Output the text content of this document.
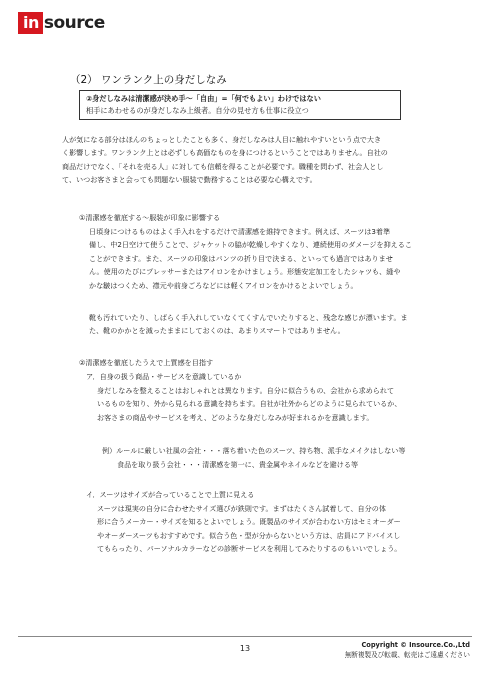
in source
（2） ワンランク上の身だしなみ
②身だしなみは清潔感が決め手～「自由」=「何でもよい」わけではない
相手にあわせるのが身だしなみ上級者。自分の見せ方も仕事に役立つ
人が気になる部分はほんのちょっとしたことも多く、身だしなみは人目に触れやすいという点で大き
く影響します。ワンランク上とは必ずしも高価なものを身につけるということではありません。自社の
商品だけでなく、「それを売る人」に対しても信頼を得ることが必要です。職種を問わず、社会人とし
て、いつお客さまと会っても問題ない服装で勤務することは必要な心構えです。
①清潔感を徹底する～服装が印象に影響する
日頃身につけるものはよく手入れをするだけで清潔感を維持できます。例えば、スーツは3着準
備し、中2日空けて使うことで、ジャケットの脇が乾燥しやすくなり、連続使用のダメージを抑えるこ
ことができます。また、スーツの印象はパンツの折り目で決まる、といっても過言ではありませ
ん。使用のたびにプレッサーまたはアイロンをかけましょう。形態安定加工をしたシャツも、縫や
かな皺はつくため、襟元や前身ごろなどには軽くアイロンをかけるとよいでしょう。
靴も汚れていたり、しばらく手入れしていなくてくすんでいたりすると、残念な感じが漂います。ま
た、靴のかかとを減ったままにしておくのは、あまりスマートではありません。
②清潔感を徹底したうえで上質感を目指す
ア．自身の扱う商品・サービスを意識しているか
身だしなみを整えることはおしゃれとは異なります。自分に似合うもの、会社から求められて
いるものを知り、外から見られる意識を持ちます。自社が社外からどのように見られているか、
お客さまの商品やサービスを考え、どのような身だしなみが好まれるかを意識します。
例）ルールに厳しい社風の会社・・・落ち着いた色のスーツ、持ち物、派手なメイクはしない等
食品を取り扱う会社・・・清潔感を第一に、貴金属やネイルなどを避ける等
イ．スーツはサイズが合っていることで上質に見える
スーツは現実の自分に合わせたサイズ選びが鉄則です。まずはたくさん試着して、自分の体
形に合うメーカー・サイズを知るとよいでしょう。既製品のサイズが合わない方はセミオーダー
やオーダースーツもおすすめです。似合う色・型が分からないという方は、店員にアドバイスし
てもらったり、パーソナルカラーなどの診断サービスを利用してみたりするのもいいでしょう。
13	Copyright © Insource.Co.,Ltd
無断複製及び転載、転売はご遠慮ください
